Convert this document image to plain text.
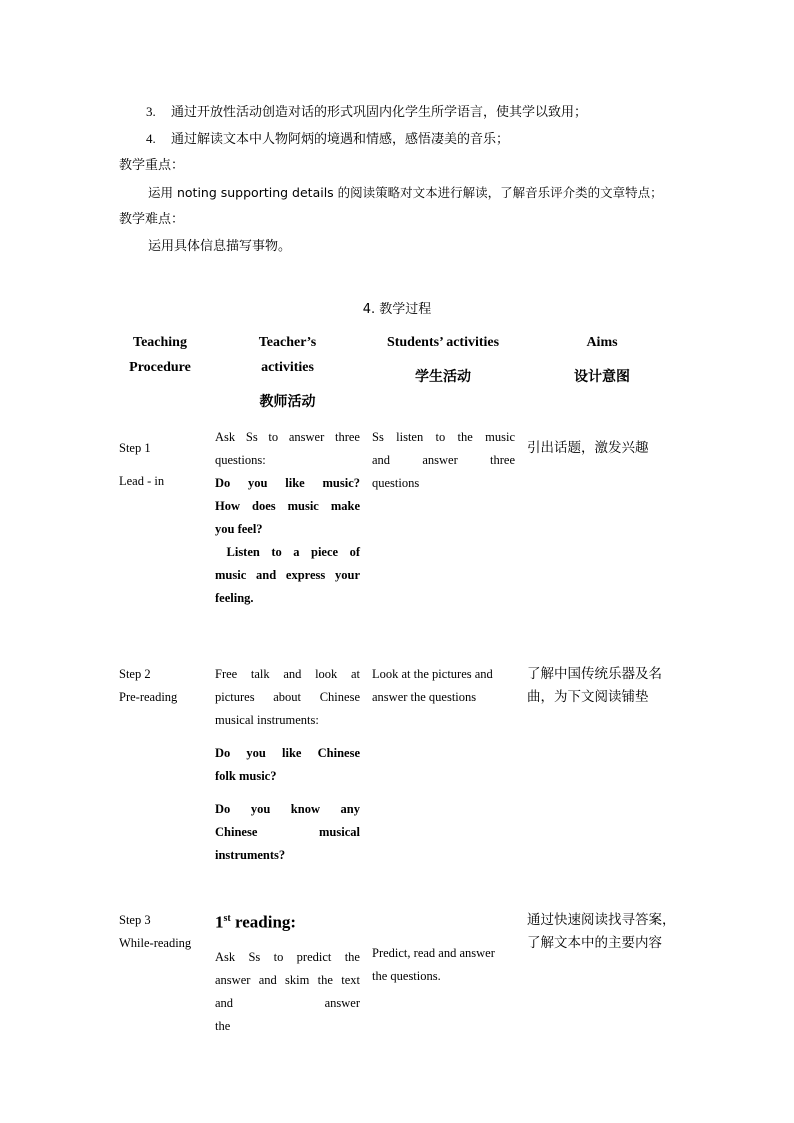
3. 通过开放性活动创造对话的形式巩固内化学生所学语言，使其学以致用；
4. 通过解读文本中人物阿炳的境遇和情感，感悟凄美的音乐；
教学重点：
运用 noting supporting details 的阅读策略对文本进行解读，了解音乐评介类的文章特点；
教学难点：
运用具体信息描写事物。
4. 教学过程
Teaching
Procedure
Teacher’s
activities
教师活动
Students’ activities
学生活动
Aims
设计意图
Step 1
Lead - in
Ask Ss to answer three
questions:
Do you like music?
How does music make
you feel?
Listen to a piece of
music and express your
feeling.
Ss listen to the music
and answer three
questions
引出话题，激发兴趣
Step 2
Pre-reading
Free talk and look at
pictures about Chinese
musical instruments:
Do you like Chinese
folk music?
Do you know any
Chinese musical
instruments?
Look at the pictures and
answer the questions
了解中国传统乐器及名
曲，为下文阅读铺垫
Step 3
While-reading
1st reading:
Ask Ss to predict the
answer and skim the text
and answer the
Predict, read and answer
the questions.
通过快速阅读找寻答案，
了解文本中的主要内容
